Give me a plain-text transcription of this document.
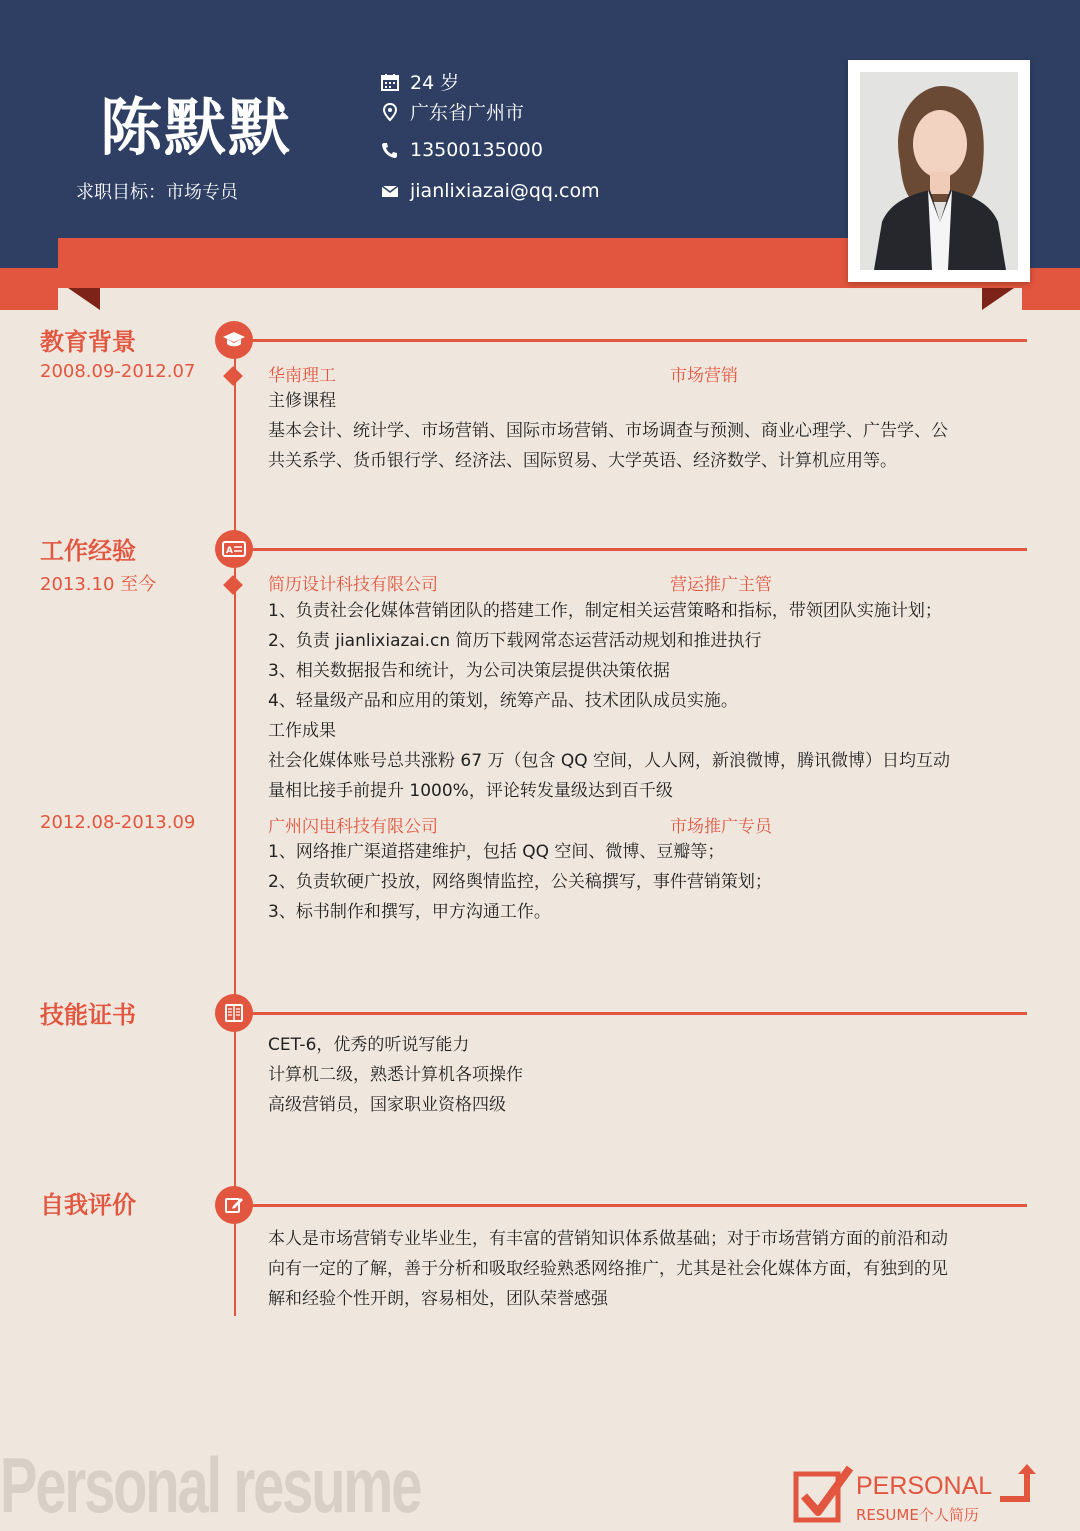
陈默默
求职目标：市场专员
24 岁
广东省广州市
13500135000
jianlixiazai@qq.com
教育背景
2008.09-2012.07	华南理工	市场营销
主修课程
基本会计、统计学、市场营销、国际市场营销、市场调查与预测、商业心理学、广告学、公
共关系学、货币银行学、经济法、国际贸易、大学英语、经济数学、计算机应用等。
工作经验	A
2013.10 至今	简历设计科技有限公司	营运推广主管
1、负责社会化媒体营销团队的搭建工作，制定相关运营策略和指标，带领团队实施计划；
2、负责 jianlixiazai.cn 简历下载网常态运营活动规划和推进执行
3、相关数据报告和统计，为公司决策层提供决策依据
4、轻量级产品和应用的策划，统筹产品、技术团队成员实施。
工作成果
社会化媒体账号总共涨粉 67 万（包含 QQ 空间，人人网，新浪微博，腾讯微博）日均互动
量相比接手前提升 1000%，评论转发量级达到百千级
2012.08-2013.09	广州闪电科技有限公司	市场推广专员
1、网络推广渠道搭建维护，包括 QQ 空间、微博、豆瓣等；
2、负责软硬广投放，网络舆情监控，公关稿撰写，事件营销策划；
3、标书制作和撰写，甲方沟通工作。
技能证书
CET-6，优秀的听说写能力
计算机二级，熟悉计算机各项操作
高级营销员，国家职业资格四级
自我评价
本人是市场营销专业毕业生，有丰富的营销知识体系做基础；对于市场营销方面的前沿和动
向有一定的了解，善于分析和吸取经验熟悉网络推广，尤其是社会化媒体方面，有独到的见
解和经验个性开朗，容易相处，团队荣誉感强
Personal resume	PERSONAL
RESUME个人简历
